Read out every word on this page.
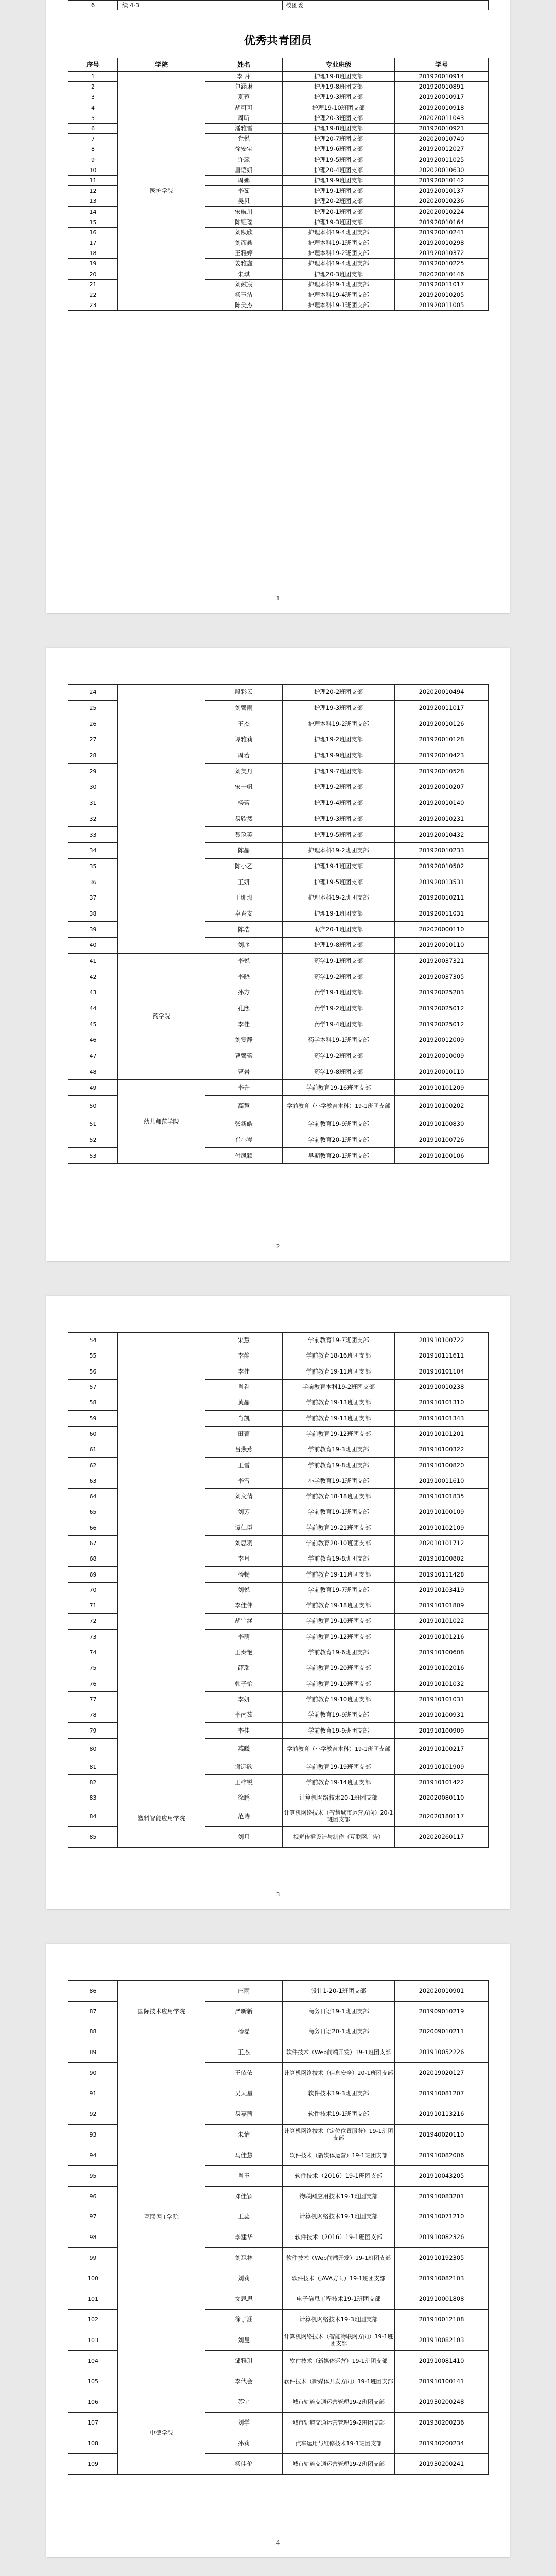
6	续 4-3	校团委
优秀共青团员
序号	学院	姓名	专业班级	学号
1	医护学院	李 萍	护理19-8班团支部	201920010914
2		包涵琳	护理19-8班团支部	201920010891
3		夏蓉	护理19-3班团支部	201920010917
4		胡可可	护理19-10班团支部	201920010918
5		周昕	护理20-3班团支部	202020011043
6		潘雅雪	护理19-8班团支部	201920010921
7		党悦	护理20-7班团支部	202020010740
8		徐安宝	护理19-6班团支部	201920012027
9		许蕊	护理19-5班团支部	201920011025
10		唐语妍	护理20-4班团支部	202020010630
11		周娜	护理19-9班团支部	201920010142
12		李茹	护理19-1班团支部	201920010137
13		吴贝	护理20-2班团支部	202020010236
14		宋航川	护理20-1班团支部	202020010224
15		陈钰瑶	护理19-3班团支部	201920010164
16		刘跃欣	护理本科19-4班团支部	201920010241
17		刘彦鑫	护理本科19-1班团支部	201920010298
18		王雅婷	护理本科19-2班团支部	201920010372
19		姜雅鑫	护理本科19-4班团支部	201920010225
20		朱琪	护理20-3班团支部	202020010146
21		刘鼓宸	护理本科19-1班团支部	201920011017
22		杨玉洁	护理本科19-4班团支部	201920010205
23		陈美杰	护理本科19-1班团支部	201920011005
1
24		殷彩云	护理20-2班团支部	202020010494
25		刘馨雨	护理19-3班团支部	201920011017
26		王杰	护理本科19-2班团支部	201920010126
27		谭雅莉	护理19-2班团支部	201920010128
28		周若	护理19-9班团支部	201920010423
29		刘美丹	护理19-7班团支部	201920010528
30		宋一帆	护理19-2班团支部	201920010207
31		杨蕾	护理19-4班团支部	201920010140
32		易欣然	护理19-3班团支部	201920010231
33		聂玖英	护理19-5班团支部	201920010432
34		陈晶	护理本科19-2班团支部	201920010233
35		陈小乙	护理19-1班团支部	201920010502
36		王妍	护理19-5班团支部	201920013531
37		王珊珊	护理本科19-2班团支部	201920010211
38		卓春安	护理19-1班团支部	201920011031
39		陈浩	助产20-1班团支部	202020000110
40		刘序	护理19-8班团支部	201920010110
41	药学院	李悦	药学19-1班团支部	201920037321
42		李晓	药学19-2班团支部	201920037305
43		孙方	药学19-1班团支部	201920025203
44		孔熙	药学19-2班团支部	201920025012
45		李佳	药学19-4班团支部	201920025012
46		刘雯静	药学本科19-1班团支部	201920012009
47		曹馨蕾	药学19-2班团支部	201920010009
48		曹岩	药学19-8班团支部	201920010110
49	幼儿师范学院	李升	学前教育19-16班团支部	201910101209
50		高慧	学前教育（小学教育本科）19-1班团支部	201910100202
51		张新皓	学前教育19-9班团支部	201910100830
52		崔小岑	学前教育20-1班团支部	201910100726
53		付凤颖	早期教育20-1班团支部	201910100106
2
54		宋慧	学前教育19-7班团支部	201910100722
55		李静	学前教育18-16班团支部	201910111611
56		李佳	学前教育19-11班团支部	201910101104
57		肖眷	学前教育本科19-2班团支部	201910010238
58		黄晶	学前教育19-13班团支部	201910101310
59		肖凯	学前教育19-13班团支部	201910101343
60		田菁	学前教育19-12班团支部	201910101201
61		吕燕燕	学前教育19-3班团支部	201910100322
62		王雪	学前教育19-8班团支部	201910100820
63		李雪	小学教育19-1班团支部	201910011610
64		刘文倩	学前教育18-18班团支部	201910101835
65		刘芳	学前教育19-1班团支部	201910100109
66		谭仁臣	学前教育19-21班团支部	201910102109
67		刘思羽	学前教育20-10班团支部	202010101712
68		李月	学前教育19-8班团支部	201910100802
69		杨畅	学前教育19-11班团支部	201910111428
70		刘悦	学前教育19-7班团支部	201910103419
71		李佳伟	学前教育19-18班团支部	201910101809
72		胡宇涵	学前教育19-10班团支部	201910101022
73		李萌	学前教育19-12班团支部	201910101216
74		王秦艳	学前教育19-6班团支部	201910100608
75		薛瑞	学前教育19-20班团支部	201910102016
76		韩子怡	学前教育19-10班团支部	201910101032
77		李妍	学前教育19-10班团支部	201910101031
78		李南茹	学前教育19-9班团支部	201910100931
79		李佳	学前教育19-9班团支部	201910100909
80		燕曦	学前教育（小学教育本科）19-1班团支部	201910100217
81		谢远欣	学前教育19-19班团支部	201910101909
82		王梓锐	学前教育19-14班团支部	201910101422
83	塑料智能应用学院	徐鹏	计算机网络技术20-1班团支部	202020080110
84		范诗	计算机网络技术（智慧城市运营方向）20-1班团支部	202020180117
85		刘月	视觉传播设计与制作（互联网广告）	202020260117
3
86	国际技术应用学院	庄雨	设计1-20-1班团支部	202020010901
87		严新新	商务日语19-1班团支部	201909010219
88		杨磊	商务日语20-1班团支部	202009010211
89	互联网+学院	王杰	软件技术（Web前端开发）19-1班团支部	201910052226
90		王依依	计算机网络技术（信息安全）20-1班团支部	202019020127
91		吴天星	软件技术19-3班团支部	201910081207
92		易嘉茜	软件技术19-1班团支部	201910113216
93		朱怡	计算机网络技术（定位位置服务）19-1班团支部	201940020110
94		马佳慧	软件技术（新媒体运营）19-1班团支部	201910082006
95		肖玉	软件技术（2016）19-1班团支部	201910043205
96		邓佳颖	物联网应用技术19-1班团支部	201910083201
97		王蕊	计算机网络技术19-1班团支部	201910071210
98		李建华	软件技术（2016）19-1班团支部	201910082326
99		刘森林	软件技术（Web前端开发）19-1班团支部	201910192305
100		刘莉	软件技术（JAVA方向）19-1班团支部	201910082103
101		文思思	电子信息工程技术19-1班团支部	201910001808
102		徐子涵	计算机网络技术19-3班团支部	201910012108
103		刘曼	计算机网络技术（智能物联网方向）19-1班团支部	201910082103
104		邹雅琪	软件技术（新媒体运营）19-1班团支部	201910081410
105		李代会	软件技术（新媒体开发方向）19-1班团支部	201910100141
106	中德学院	苏宇	城市轨道交通运营管理19-2班团支部	201930200248
107		刘学	城市轨道交通运营管理19-2班团支部	201930200236
108		孙莉	汽车运用与维修技术19-1班团支部	201930200234
109		杨佳伦	城市轨道交通运营管理19-2班团支部	201930200241
4
